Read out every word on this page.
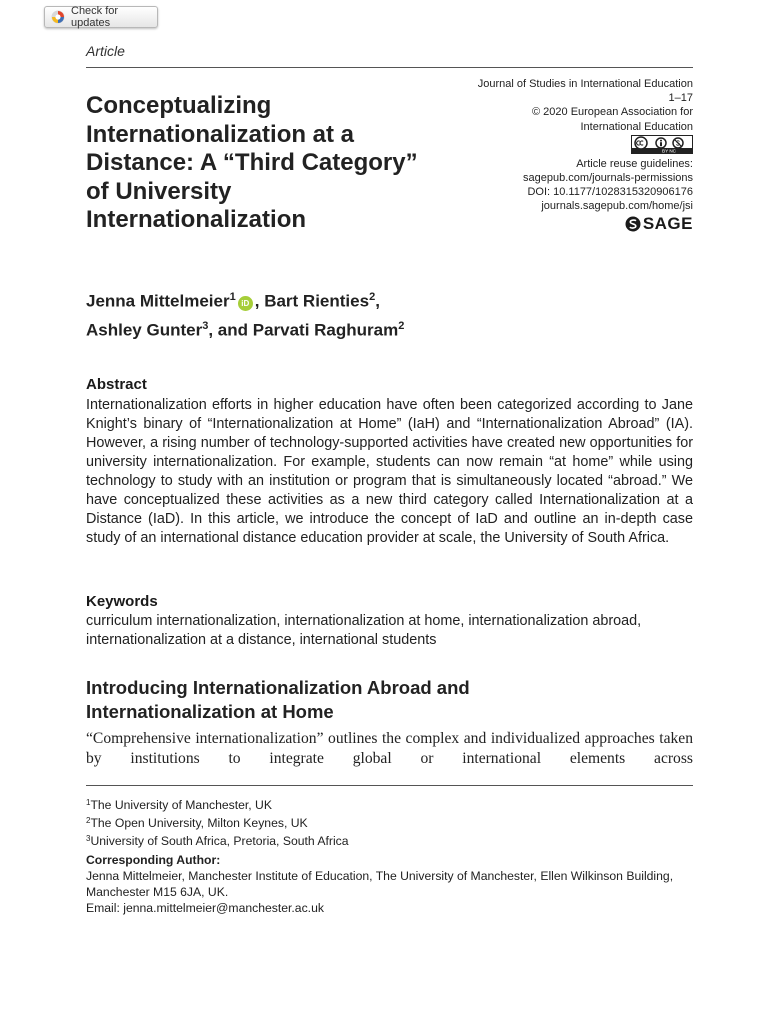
Check for updates
Article
Conceptualizing Internationalization at a Distance: A “Third Category” of University Internationalization
Journal of Studies in International Education
1–17
© 2020 European Association for
International Education
$
BY NC
Article reuse guidelines:
sagepub.com/journals-permissions
DOI: 10.1177/1028315320906176
journals.sagepub.com/home/jsi
SAGE
Jenna Mittelmeier$^1$iD , Bart Rienties$^2$,
Ashley Gunter$^3$, and Parvati Raghuram$^2$
Abstract

Internationalization efforts in higher education have often been categorized according to Jane Knight’s binary of “Internationalization at Home” (IaH) and “Internationalization Abroad” (IA). However, a rising number of technology-supported activities have created new opportunities for university internationalization. For example, students can now remain “at home” while using technology to study with an institution or program that is simultaneously located “abroad.” We have conceptualized these activities as a new third category called Internationalization at a Distance (IaD). In this article, we introduce the concept of IaD and outline an in-depth case study of an international distance education provider at scale, the University of South Africa.

Keywords

curriculum internationalization, internationalization at home, internationalization abroad, internationalization at a distance, international students

Introducing Internationalization Abroad and Internationalization at Home

“Comprehensive internationalization” outlines the complex and individualized approaches taken by institutions to integrate global or international elements across

$^1$The University of Manchester, UK
$^2$The Open University, Milton Keynes, UK
$^3$University of South Africa, Pretoria, South Africa
Corresponding Author:
Jenna Mittelmeier, Manchester Institute of Education, The University of Manchester, Ellen Wilkinson Building, Manchester M15 6JA, UK.
Email: jenna.mittelmeier@manchester.ac.uk
